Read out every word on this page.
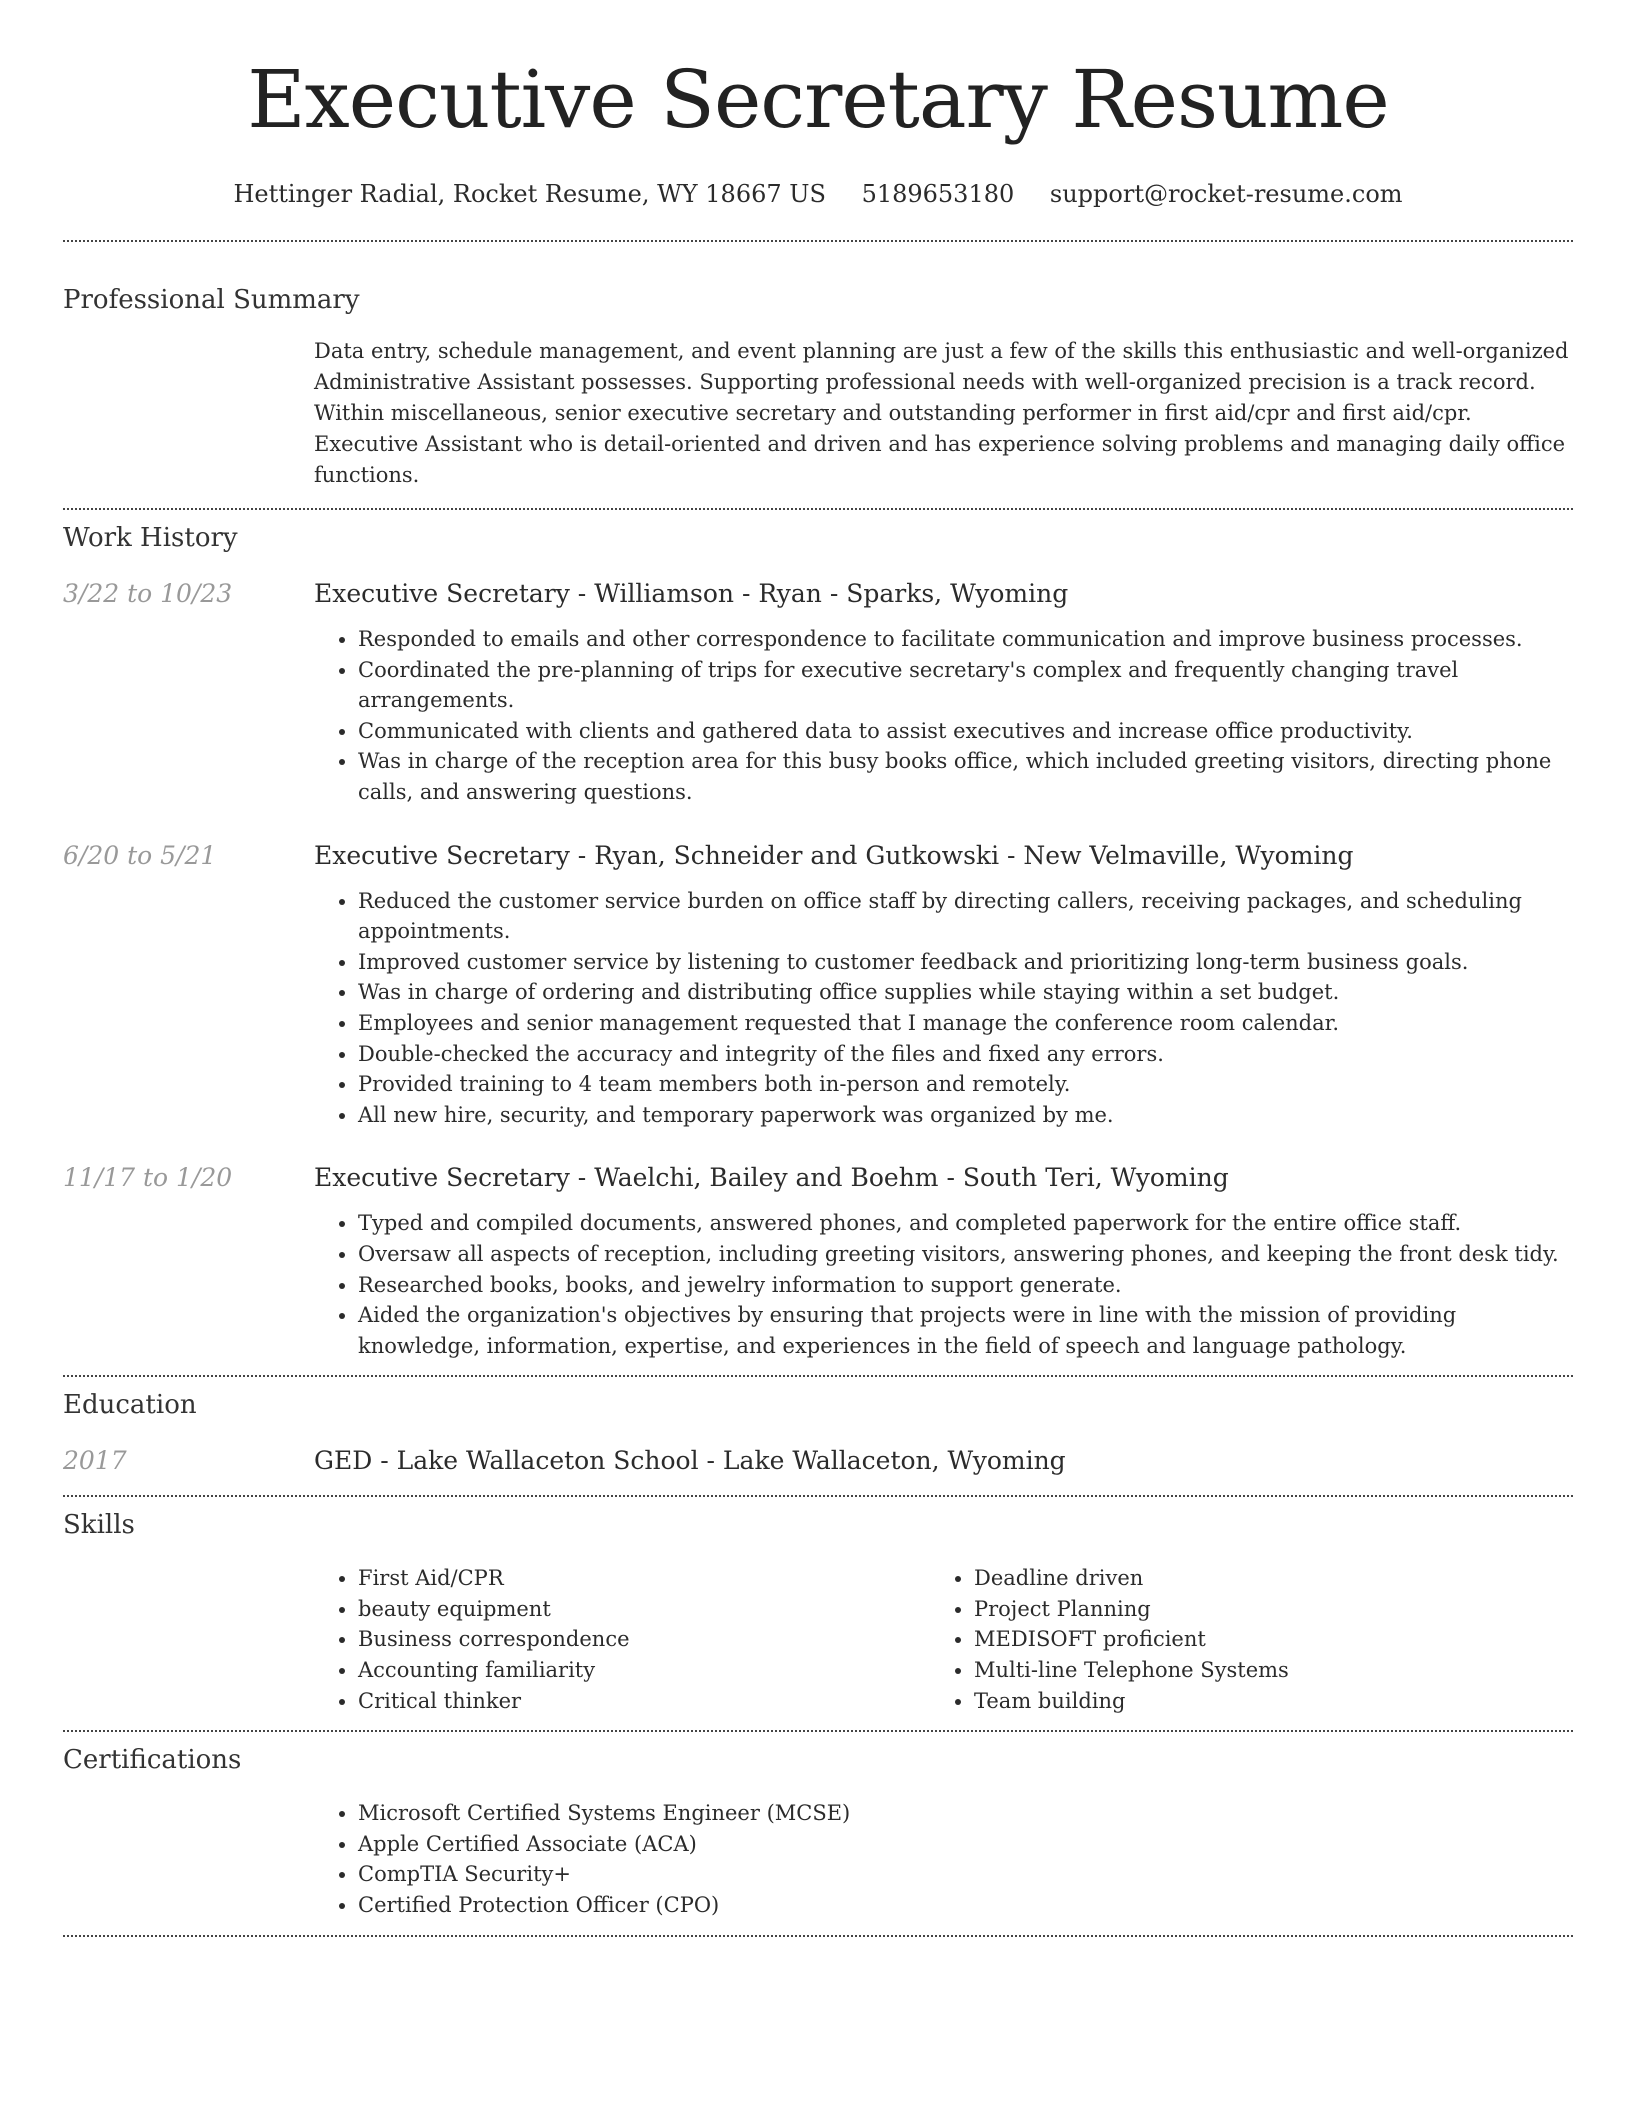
Executive Secretary Resume
Hettinger Radial, Rocket Resume, WY 18667 US 5189653180 support@rocket-resume.com
Professional Summary

Data entry, schedule management, and event planning are just a few of the skills this enthusiastic and well-organized Administrative Assistant possesses. Supporting professional needs with well-organized precision is a track record. Within miscellaneous, senior executive secretary and outstanding performer in first aid/cpr and first aid/cpr. Executive Assistant who is detail-oriented and driven and has experience solving problems and managing daily office functions.

Work History
3/22 to 10/23	Executive Secretary - Williamson - Ryan - Sparks, Wyoming
• Responded to emails and other correspondence to facilitate communication and improve business processes.
• Coordinated the pre-planning of trips for executive secretary's complex and frequently changing travel arrangements.
• Communicated with clients and gathered data to assist executives and increase office productivity.
• Was in charge of the reception area for this busy books office, which included greeting visitors, directing phone calls, and answering questions.
6/20 to 5/21	Executive Secretary - Ryan, Schneider and Gutkowski - New Velmaville, Wyoming
• Reduced the customer service burden on office staff by directing callers, receiving packages, and scheduling appointments.
• Improved customer service by listening to customer feedback and prioritizing long-term business goals.
• Was in charge of ordering and distributing office supplies while staying within a set budget.
• Employees and senior management requested that I manage the conference room calendar.
• Double-checked the accuracy and integrity of the files and fixed any errors.
• Provided training to 4 team members both in-person and remotely.
• All new hire, security, and temporary paperwork was organized by me.
11/17 to 1/20	Executive Secretary - Waelchi, Bailey and Boehm - South Teri, Wyoming
• Typed and compiled documents, answered phones, and completed paperwork for the entire office staff.
• Oversaw all aspects of reception, including greeting visitors, answering phones, and keeping the front desk tidy.
• Researched books, books, and jewelry information to support generate.
• Aided the organization's objectives by ensuring that projects were in line with the mission of providing knowledge, information, expertise, and experiences in the field of speech and language pathology.
Education
2017	GED - Lake Wallaceton School - Lake Wallaceton, Wyoming
Skills
• First Aid/CPR
• beauty equipment
• Business correspondence
• Accounting familiarity
• Critical thinker
• Deadline driven
• Project Planning
• MEDISOFT proficient
• Multi-line Telephone Systems
• Team building
Certifications
• Microsoft Certified Systems Engineer (MCSE)
• Apple Certified Associate (ACA)
• CompTIA Security+
• Certified Protection Officer (CPO)
